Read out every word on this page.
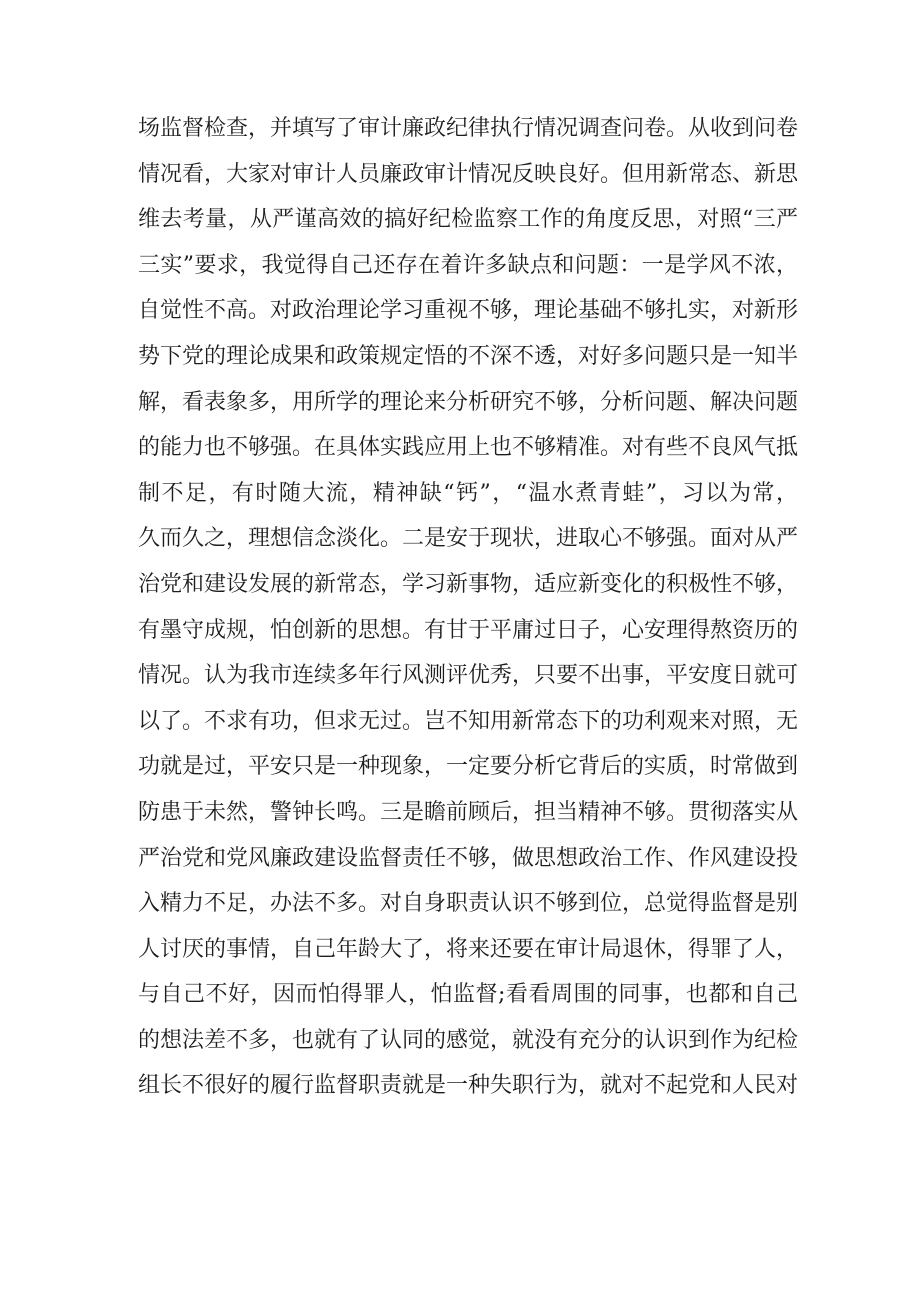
场监督检查，并填写了审计廉政纪律执行情况调查问卷。从收到问卷
情况看，大家对审计人员廉政审计情况反映良好。但用新常态、新思
维去考量，从严谨高效的搞好纪检监察工作的角度反思，对照“三严
三实”要求，我觉得自己还存在着许多缺点和问题：一是学风不浓，
自觉性不高。对政治理论学习重视不够，理论基础不够扎实，对新形
势下党的理论成果和政策规定悟的不深不透，对好多问题只是一知半
解，看表象多，用所学的理论来分析研究不够，分析问题、解决问题
的能力也不够强。在具体实践应用上也不够精准。对有些不良风气抵
制不足，有时随大流，精神缺“钙”，“温水煮青蛙”，习以为常，
久而久之，理想信念淡化。二是安于现状，进取心不够强。面对从严
治党和建设发展的新常态，学习新事物，适应新变化的积极性不够，
有墨守成规，怕创新的思想。有甘于平庸过日子，心安理得熬资历的
情况。认为我市连续多年行风测评优秀，只要不出事，平安度日就可
以了。不求有功，但求无过。岂不知用新常态下的功利观来对照，无
功就是过，平安只是一种现象，一定要分析它背后的实质，时常做到
防患于未然，警钟长鸣。三是瞻前顾后，担当精神不够。贯彻落实从
严治党和党风廉政建设监督责任不够，做思想政治工作、作风建设投
入精力不足，办法不多。对自身职责认识不够到位，总觉得监督是别
人讨厌的事情，自己年龄大了，将来还要在审计局退休，得罪了人，
与自己不好，因而怕得罪人，怕监督;看看周围的同事，也都和自己
的想法差不多，也就有了认同的感觉，就没有充分的认识到作为纪检
组长不很好的履行监督职责就是一种失职行为，就对不起党和人民对
